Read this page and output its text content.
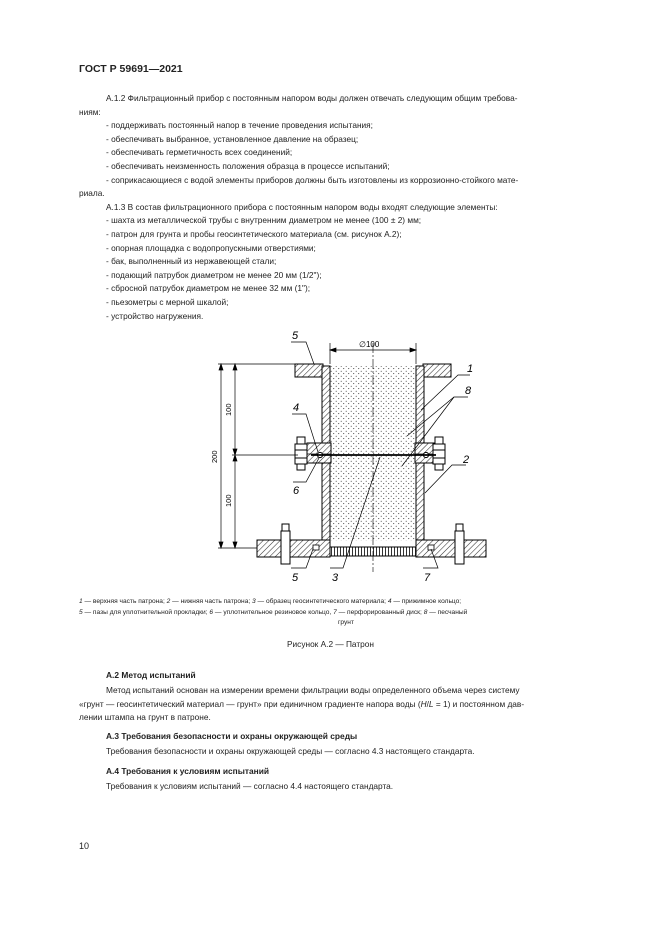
ГОСТ Р 59691—2021
А.1.2 Фильтрационный прибор с постоянным напором воды должен отвечать следующим общим требова-
ниям:
- поддерживать постоянный напор в течение проведения испытания;
- обеспечивать выбранное, установленное давление на образец;
- обеспечивать герметичность всех соединений;
- обеспечивать неизменность положения образца в процессе испытаний;
- соприкасающиеся с водой элементы приборов должны быть изготовлены из коррозионно-стойкого мате-
риала.
А.1.3 В состав фильтрационного прибора с постоянным напором воды входят следующие элементы:
- шахта из металлической трубы с внутренним диаметром не менее (100 ± 2) мм;
- патрон для грунта и пробы геосинтетического материала (см. рисунок А.2);
- опорная площадка с водопропускными отверстиями;
- бак, выполненный из нержавеющей стали;
- подающий патрубок диаметром не менее 20 мм (1/2");
- сбросной патрубок диаметром не менее 32 мм (1");
- пьезометры с мерной шкалой;
- устройство нагружения.
∅100
200
100
100
5
4
6
5	3	7
1
8
2
1 — верхняя часть патрона; 2 — нижняя часть патрона; 3 — образец геосинтетического материала; 4 — прижимное кольцо;
5 — пазы для уплотнительной прокладки; 6 — уплотнительное резиновое кольцо, 7 — перфорированный диск; 8 — песчаный
грунт
Рисунок А.2 — Патрон
А.2 Метод испытаний
Метод испытаний основан на измерении времени фильтрации воды определенного объема через систему
«грунт — геосинтетический материал — грунт» при единичном градиенте напора воды (H/L = 1) и постоянном дав-
лении штампа на грунт в патроне.
А.3 Требования безопасности и охраны окружающей среды
Требования безопасности и охраны окружающей среды — согласно 4.3 настоящего стандарта.
А.4 Требования к условиям испытаний
Требования к условиям испытаний — согласно 4.4 настоящего стандарта.
10
